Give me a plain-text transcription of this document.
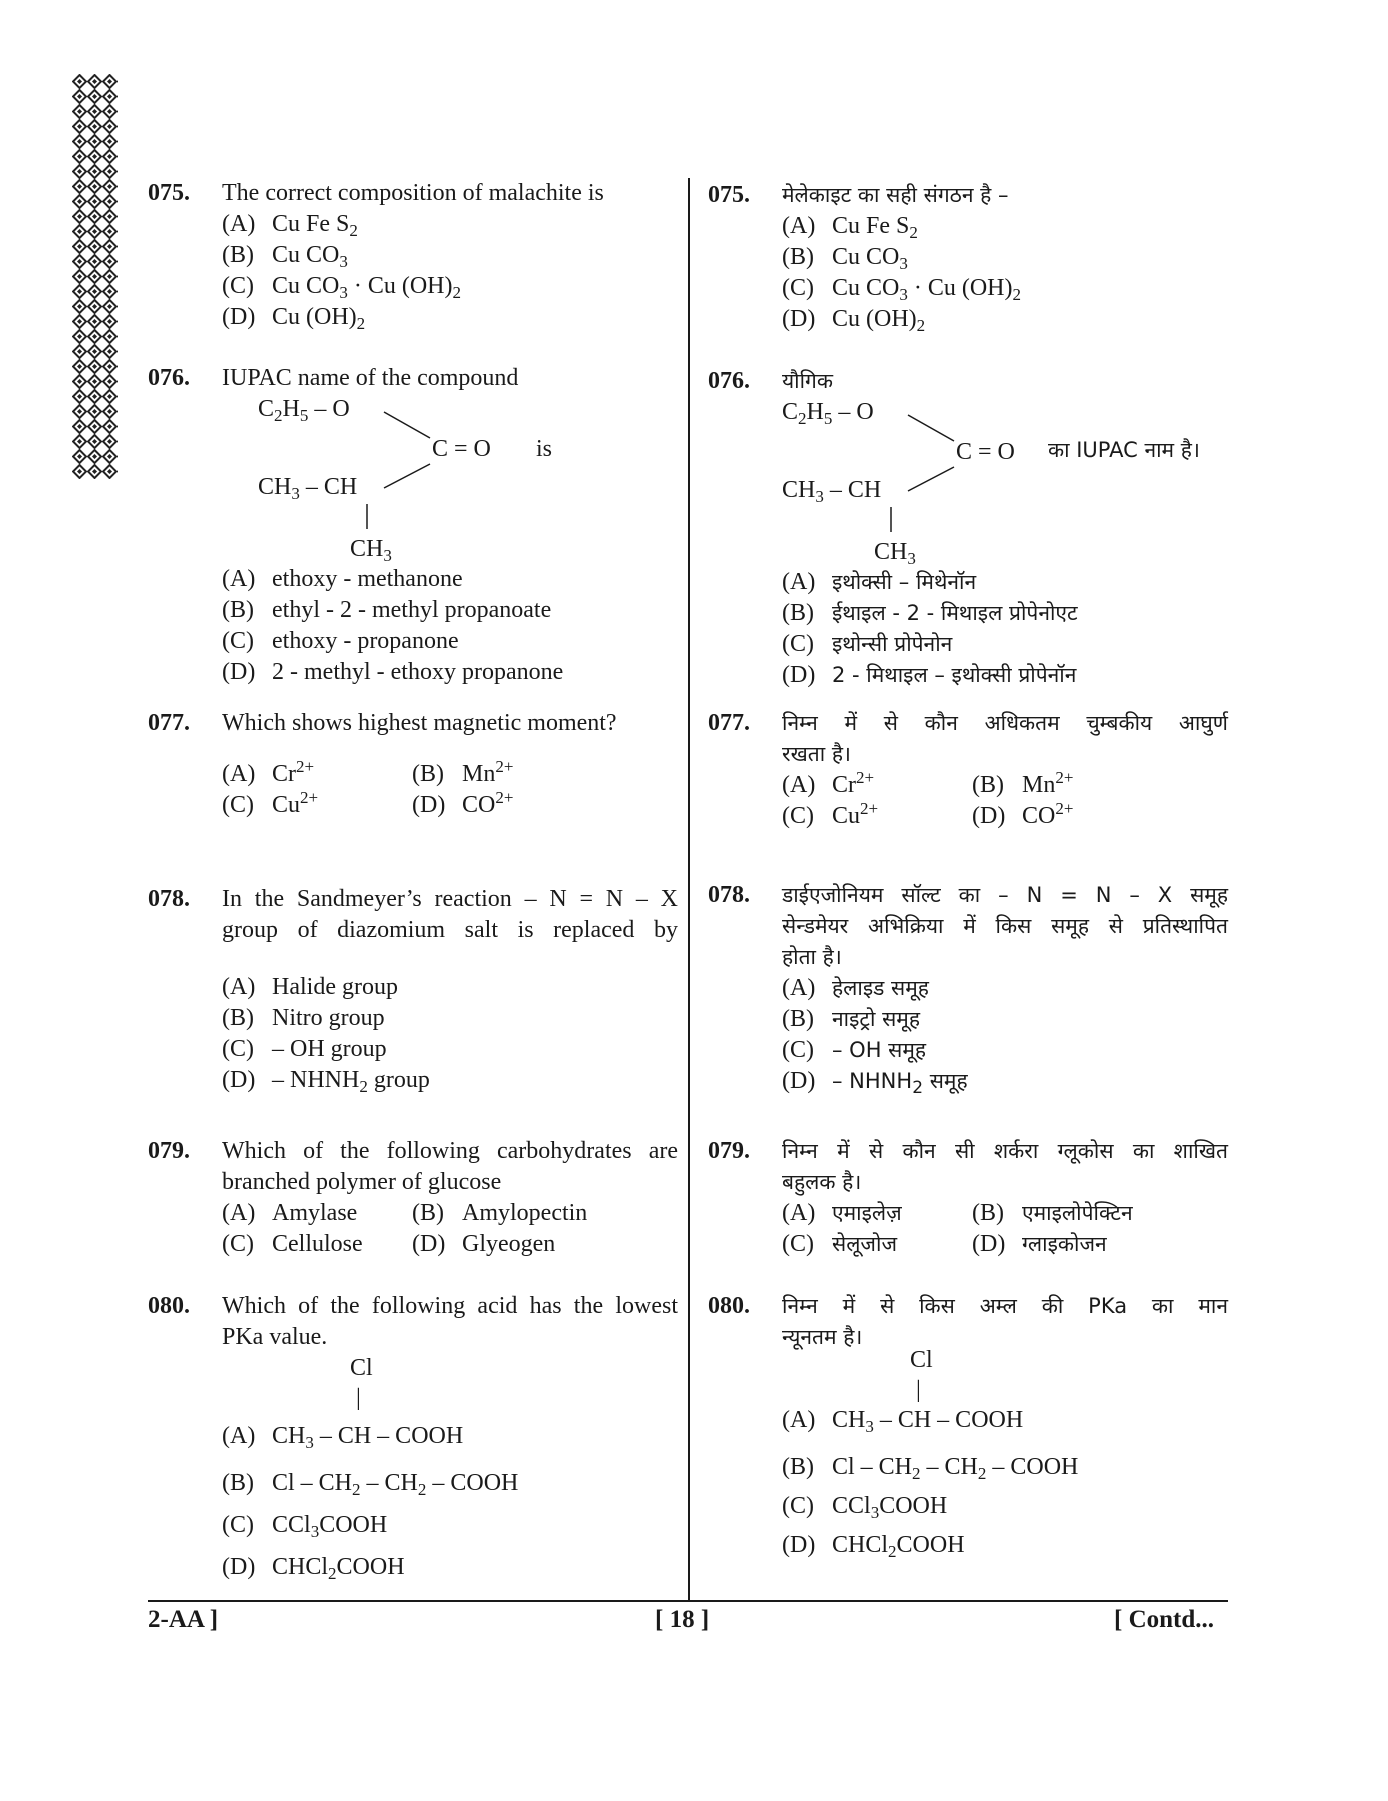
075. The correct composition of malachite is
(A) Cu Fe $S_2$
(B) Cu $CO_3$
(C) Cu $CO_3 \cdot Cu$ $(OH)_2$
(D) Cu $(OH)_2$
076. IUPAC name of the compound
$C_2H_5$ – O
C = O is
$CH_3$ – CH
$CH_3$
(A) ethoxy - methanone
(B) ethyl - 2 - methyl propanoate
(C) ethoxy - propanone
(D) 2 - methyl - ethoxy propanone
077. Which shows highest magnetic moment?
(A) $Cr^{2+}$	(B) $Mn^{2+}$
(C) $Cu^{2+}$	(D) $CO^{2+}$
078. In the Sandmeyer’s reaction – N = N – X
group of diazomium salt is replaced by
(A) Halide group
(B) Nitro group
(C) – OH group
$(D) - NHNH_2$ group
079. Which of the following carbohydrates are
branched polymer of glucose
(A) Amylase	(B) Amylopectin
(C) Cellulose	(D) Glyeogen
080. Which of the following acid has the lowest
PKa value.
Cl
|
(A) $CH_3$ – CH – COOH
(B) Cl – $CH_2 - CH_2$ – COOH
(C) CCl$_3$COOH
(D) CHCl$_2$COOH
075. मेलेकाइट का सही संगठन है –
(A) Cu Fe $S_2$
(B) Cu $CO_3$
(C) Cu $CO_3 \cdot Cu$ $(OH)_2$
(D) Cu $(OH)_2$
076. यौगिक
$C_2H_5$ – O
C = O का IUPAC नाम है।
$CH_3$ – CH
$CH_3$
(A) इथोक्सी – मिथेनॉन
(B) ईथाइल - 2 - मिथाइल प्रोपेनोएट
(C) इथोन्सी प्रोपेनोन
(D) 2 - मिथाइल – इथोक्सी प्रोपेनॉन
077. निम्न में से कौन अधिकतम चुम्बकीय आघुर्ण
रखता है।
(A) $Cr^{2+}$	(B) $Mn^{2+}$
(C) $Cu^{2+}$	(D) $CO^{2+}$
078. डाईएजोनियम सॉल्ट का – N = N – X समूह
सेन्डमेयर अभिक्रिया में किस समूह से प्रतिस्थापित
होता है।
(A) हेलाइड समूह
(B) नाइट्रो समूह
(C) – OH समूह
$(D) - NHNH_2$ समूह
079. निम्न में से कौन सी शर्करा ग्लूकोस का शाखित
बहुलक है।
(A) एमाइलेज़	(B) एमाइलोपेक्टिन
(C) सेलूजोज	(D) ग्लाइकोजन
080. निम्न में से किस अम्ल की PKa का मान
न्यूनतम है।
Cl
|
(A) $CH_3$ – CH – COOH
(B) Cl – $CH_2 - CH_2$ – COOH
(C) CCl$_3$COOH
(D) CHCl$_2$COOH
2-AA ]	[ 18 ]	[ Contd...
